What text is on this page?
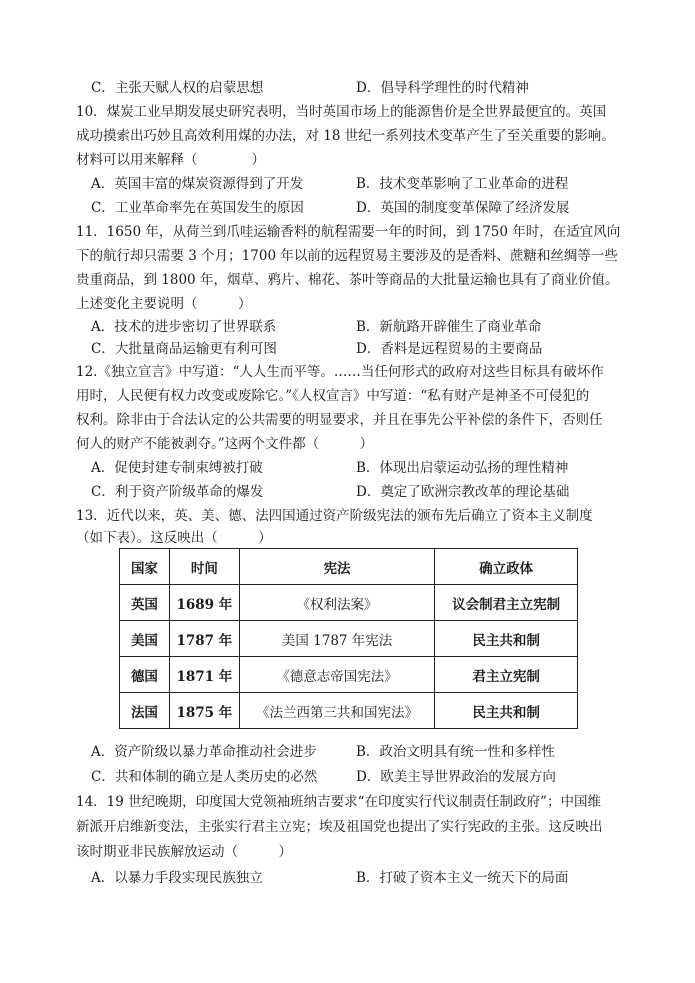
C．主张天赋人权的启蒙思想	D．倡导科学理性的时代精神
10．煤炭工业早期发展史研究表明，当时英国市场上的能源售价是全世界最便宜的。英国
成功摸索出巧妙且高效利用煤的办法，对 18 世纪一系列技术变革产生了至关重要的影响。
材料可以用来解释（　　　　）
A．英国丰富的煤炭资源得到了开发	B．技术变革影响了工业革命的进程
C．工业革命率先在英国发生的原因	D．英国的制度变革保障了经济发展
11．1650 年，从荷兰到爪哇运输香料的航程需要一年的时间，到 1750 年时，在适宜风向
下的航行却只需要 3 个月；1700 年以前的远程贸易主要涉及的是香料、蔗糖和丝绸等一些
贵重商品，到 1800 年，烟草、鸦片、棉花、茶叶等商品的大批量运输也具有了商业价值。
上述变化主要说明（　　　）
A．技术的进步密切了世界联系	B．新航路开辟催生了商业革命
C．大批量商品运输更有利可图	D．香料是远程贸易的主要商品
12.《独立宣言》中写道：“人人生而平等。……当任何形式的政府对这些目标具有破坏作
用时，人民便有权力改变或废除它。”《人权宣言》中写道：“私有财产是神圣不可侵犯的
权利。除非由于合法认定的公共需要的明显要求，并且在事先公平补偿的条件下，否则任
何人的财产不能被剥夺。”这两个文件都（　　　）
A．促使封建专制束缚被打破	B．体现出启蒙运动弘扬的理性精神
C．利于资产阶级革命的爆发	D．奠定了欧洲宗教改革的理论基础
13．近代以来，英、美、德、法四国通过资产阶级宪法的颁布先后确立了资本主义制度
（如下表）。这反映出（　　　）
国家	时间	宪法	确立政体
英国	1689 年	《权利法案》	议会制君主立宪制
美国	1787 年	美国 1787 年宪法	民主共和制
德国	1871 年	《德意志帝国宪法》	君主立宪制
法国	1875 年	《法兰西第三共和国宪法》	民主共和制
A．资产阶级以暴力革命推动社会进步	B．政治文明具有统一性和多样性
C．共和体制的确立是人类历史的必然	D．欧美主导世界政治的发展方向
14．19 世纪晚期，印度国大党领袖班纳吉要求“在印度实行代议制责任制政府”；中国维
新派开启维新变法，主张实行君主立宪；埃及祖国党也提出了实行宪政的主张。这反映出
该时期亚非民族解放运动（　　　）
A．以暴力手段实现民族独立	B．打破了资本主义一统天下的局面
